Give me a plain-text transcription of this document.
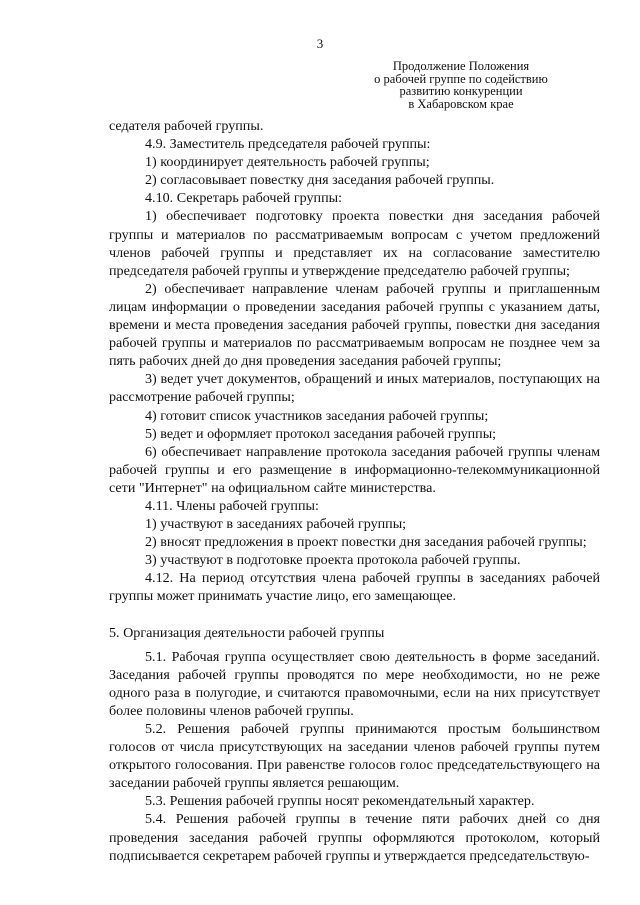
3
Продолжение Положения
о рабочей группе по содействию
развитию конкуренции
в Хабаровском крае

седателя рабочей группы.

4.9. Заместитель председателя рабочей группы:

1) координирует деятельность рабочей группы;

2) согласовывает повестку дня заседания рабочей группы.

4.10. Секретарь рабочей группы:

1) обеспечивает подготовку проекта повестки дня заседания рабочей группы и материалов по рассматриваемым вопросам с учетом предложений членов рабочей группы и представляет их на согласование заместителю председателя рабочей группы и утверждение председателю рабочей группы;

2) обеспечивает направление членам рабочей группы и приглашенным лицам информации о проведении заседания рабочей группы с указанием даты, времени и места проведения заседания рабочей группы, повестки дня заседания рабочей группы и материалов по рассматриваемым вопросам не позднее чем за пять рабочих дней до дня проведения заседания рабочей группы;

3) ведет учет документов, обращений и иных материалов, поступающих на рассмотрение рабочей группы;

4) готовит список участников заседания рабочей группы;

5) ведет и оформляет протокол заседания рабочей группы;

6) обеспечивает направление протокола заседания рабочей группы членам рабочей группы и его размещение в информационно-телекоммуникационной сети "Интернет" на официальном сайте министерства.

4.11. Члены рабочей группы:

1) участвуют в заседаниях рабочей группы;

2) вносят предложения в проект повестки дня заседания рабочей группы;

3) участвуют в подготовке проекта протокола рабочей группы.

4.12. На период отсутствия члена рабочей группы в заседаниях рабочей группы может принимать участие лицо, его замещающее.

5. Организация деятельности рабочей группы

5.1. Рабочая группа осуществляет свою деятельность в форме заседаний. Заседания рабочей группы проводятся по мере необходимости, но не реже одного раза в полугодие, и считаются правомочными, если на них присутствует более половины членов рабочей группы.

5.2. Решения рабочей группы принимаются простым большинством голосов от числа присутствующих на заседании членов рабочей группы путем открытого голосования. При равенстве голосов голос председательствующего на заседании рабочей группы является решающим.

5.3. Решения рабочей группы носят рекомендательный характер.

5.4. Решения рабочей группы в течение пяти рабочих дней со дня проведения заседания рабочей группы оформляются протоколом, который подписывается секретарем рабочей группы и утверждается председательствую-
